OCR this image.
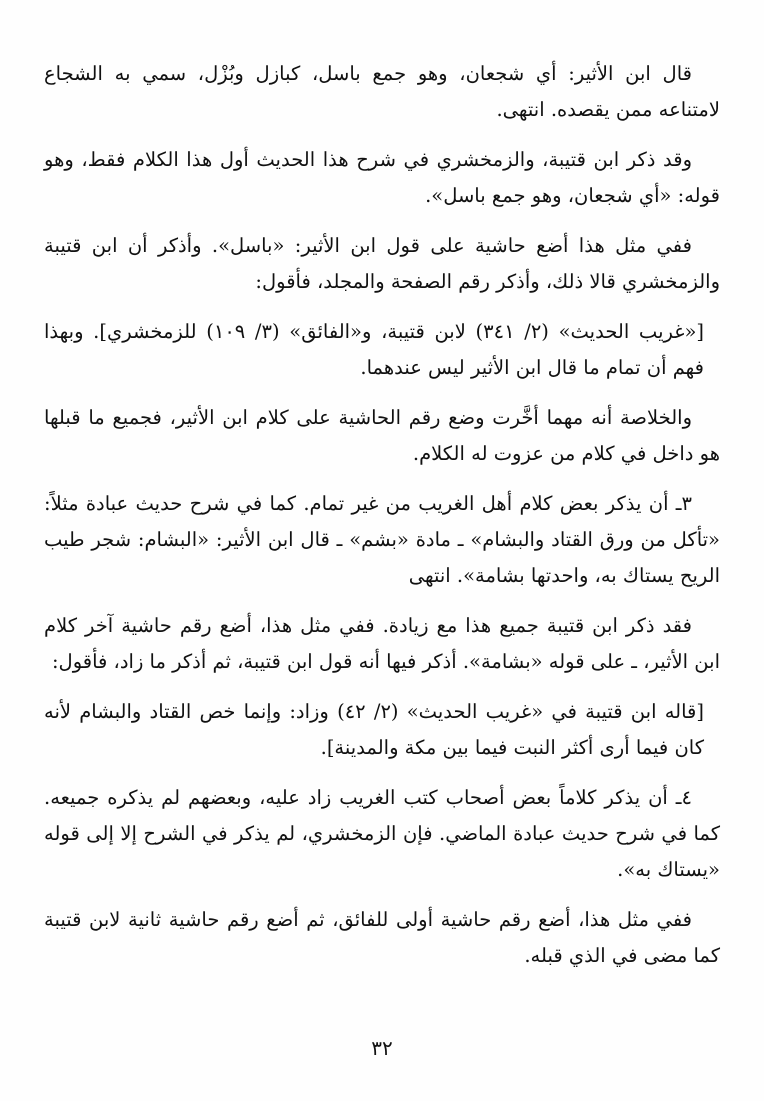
قال ابن الأثير: أي شجعان، وهو جمع باسل، كبازل وبُزْل، سمي به الشجاع لامتناعه ممن يقصده. انتهى.

وقد ذكر ابن قتيبة، والزمخشري في شرح هذا الحديث أول هذا الكلام فقط، وهو قوله: «أي شجعان، وهو جمع باسل».

ففي مثل هذا أضع حاشية على قول ابن الأثير: «باسل». وأذكر أن ابن قتيبة والزمخشري قالا ذلك، وأذكر رقم الصفحة والمجلد، فأقول:

[«غريب الحديث» (٢/ ٣٤١) لابن قتيبة، و«الفائق» (٣/ ١٠٩) للزمخشري]. وبهذا فهم أن تمام ما قال ابن الأثير ليس عندهما.

والخلاصة أنه مهما أخَّرت وضع رقم الحاشية على كلام ابن الأثير، فجميع ما قبلها هو داخل في كلام من عزوت له الكلام.

٣ـ أن يذكر بعض كلام أهل الغريب من غير تمام. كما في شرح حديث عبادة مثلاً: «تأكل من ورق القتاد والبشام» ـ مادة «بشم» ـ قال ابن الأثير: «البشام: شجر طيب الريح يستاك به، واحدتها بشامة». انتهى

فقد ذكر ابن قتيبة جميع هذا مع زيادة. ففي مثل هذا، أضع رقم حاشية آخر كلام ابن الأثير، ـ على قوله «بشامة». أذكر فيها أنه قول ابن قتيبة، ثم أذكر ما زاد، فأقول:

[قاله ابن قتيبة في «غريب الحديث» (٢/ ٤٢) وزاد: وإنما خص القتاد والبشام لأنه كان فيما أرى أكثر النبت فيما بين مكة والمدينة].

٤ـ أن يذكر كلاماً بعض أصحاب كتب الغريب زاد عليه، وبعضهم لم يذكره جميعه. كما في شرح حديث عبادة الماضي. فإن الزمخشري، لم يذكر في الشرح إلا إلى قوله «يستاك به».

ففي مثل هذا، أضع رقم حاشية أولى للفائق، ثم أضع رقم حاشية ثانية لابن قتيبة كما مضى في الذي قبله.

٣٢
